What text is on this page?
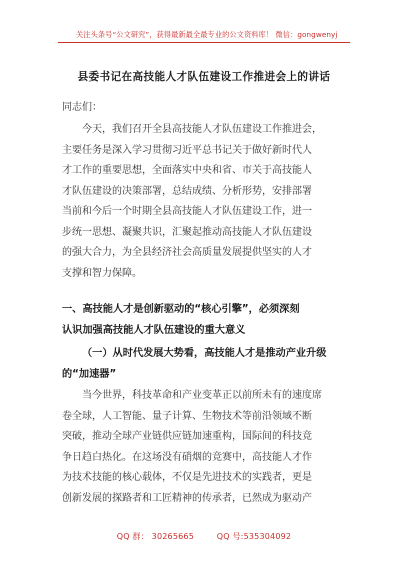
关注头条号“公文研究”，获得最新最全最专业的公文资料库！ 微信：gongwenyj
县委书记在高技能人才队伍建设工作推进会上的讲话
同志们：
今天，我们召开全县高技能人才队伍建设工作推进会，
主要任务是深入学习贯彻习近平总书记关于做好新时代人
才工作的重要思想，全面落实中央和省、市关于高技能人
才队伍建设的决策部署，总结成绩、分析形势，安排部署
当前和今后一个时期全县高技能人才队伍建设工作，进一
步统一思想、凝聚共识，汇聚起推动高技能人才队伍建设
的强大合力，为全县经济社会高质量发展提供坚实的人才
支撑和智力保障。
一、高技能人才是创新驱动的“核心引擎”，必须深刻
认识加强高技能人才队伍建设的重大意义
（一）从时代发展大势看，高技能人才是推动产业升级
的“加速器”
当今世界，科技革命和产业变革正以前所未有的速度席
卷全球，人工智能、量子计算、生物技术等前沿领域不断
突破，推动全球产业链供应链加速重构，国际间的科技竞
争日趋白热化。在这场没有硝烟的竞赛中，高技能人才作
为技术技能的核心载体，不仅是先进技术的实践者，更是
创新发展的探路者和工匠精神的传承者，已然成为驱动产
QQ 群： 30265665	QQ 号:535304092
